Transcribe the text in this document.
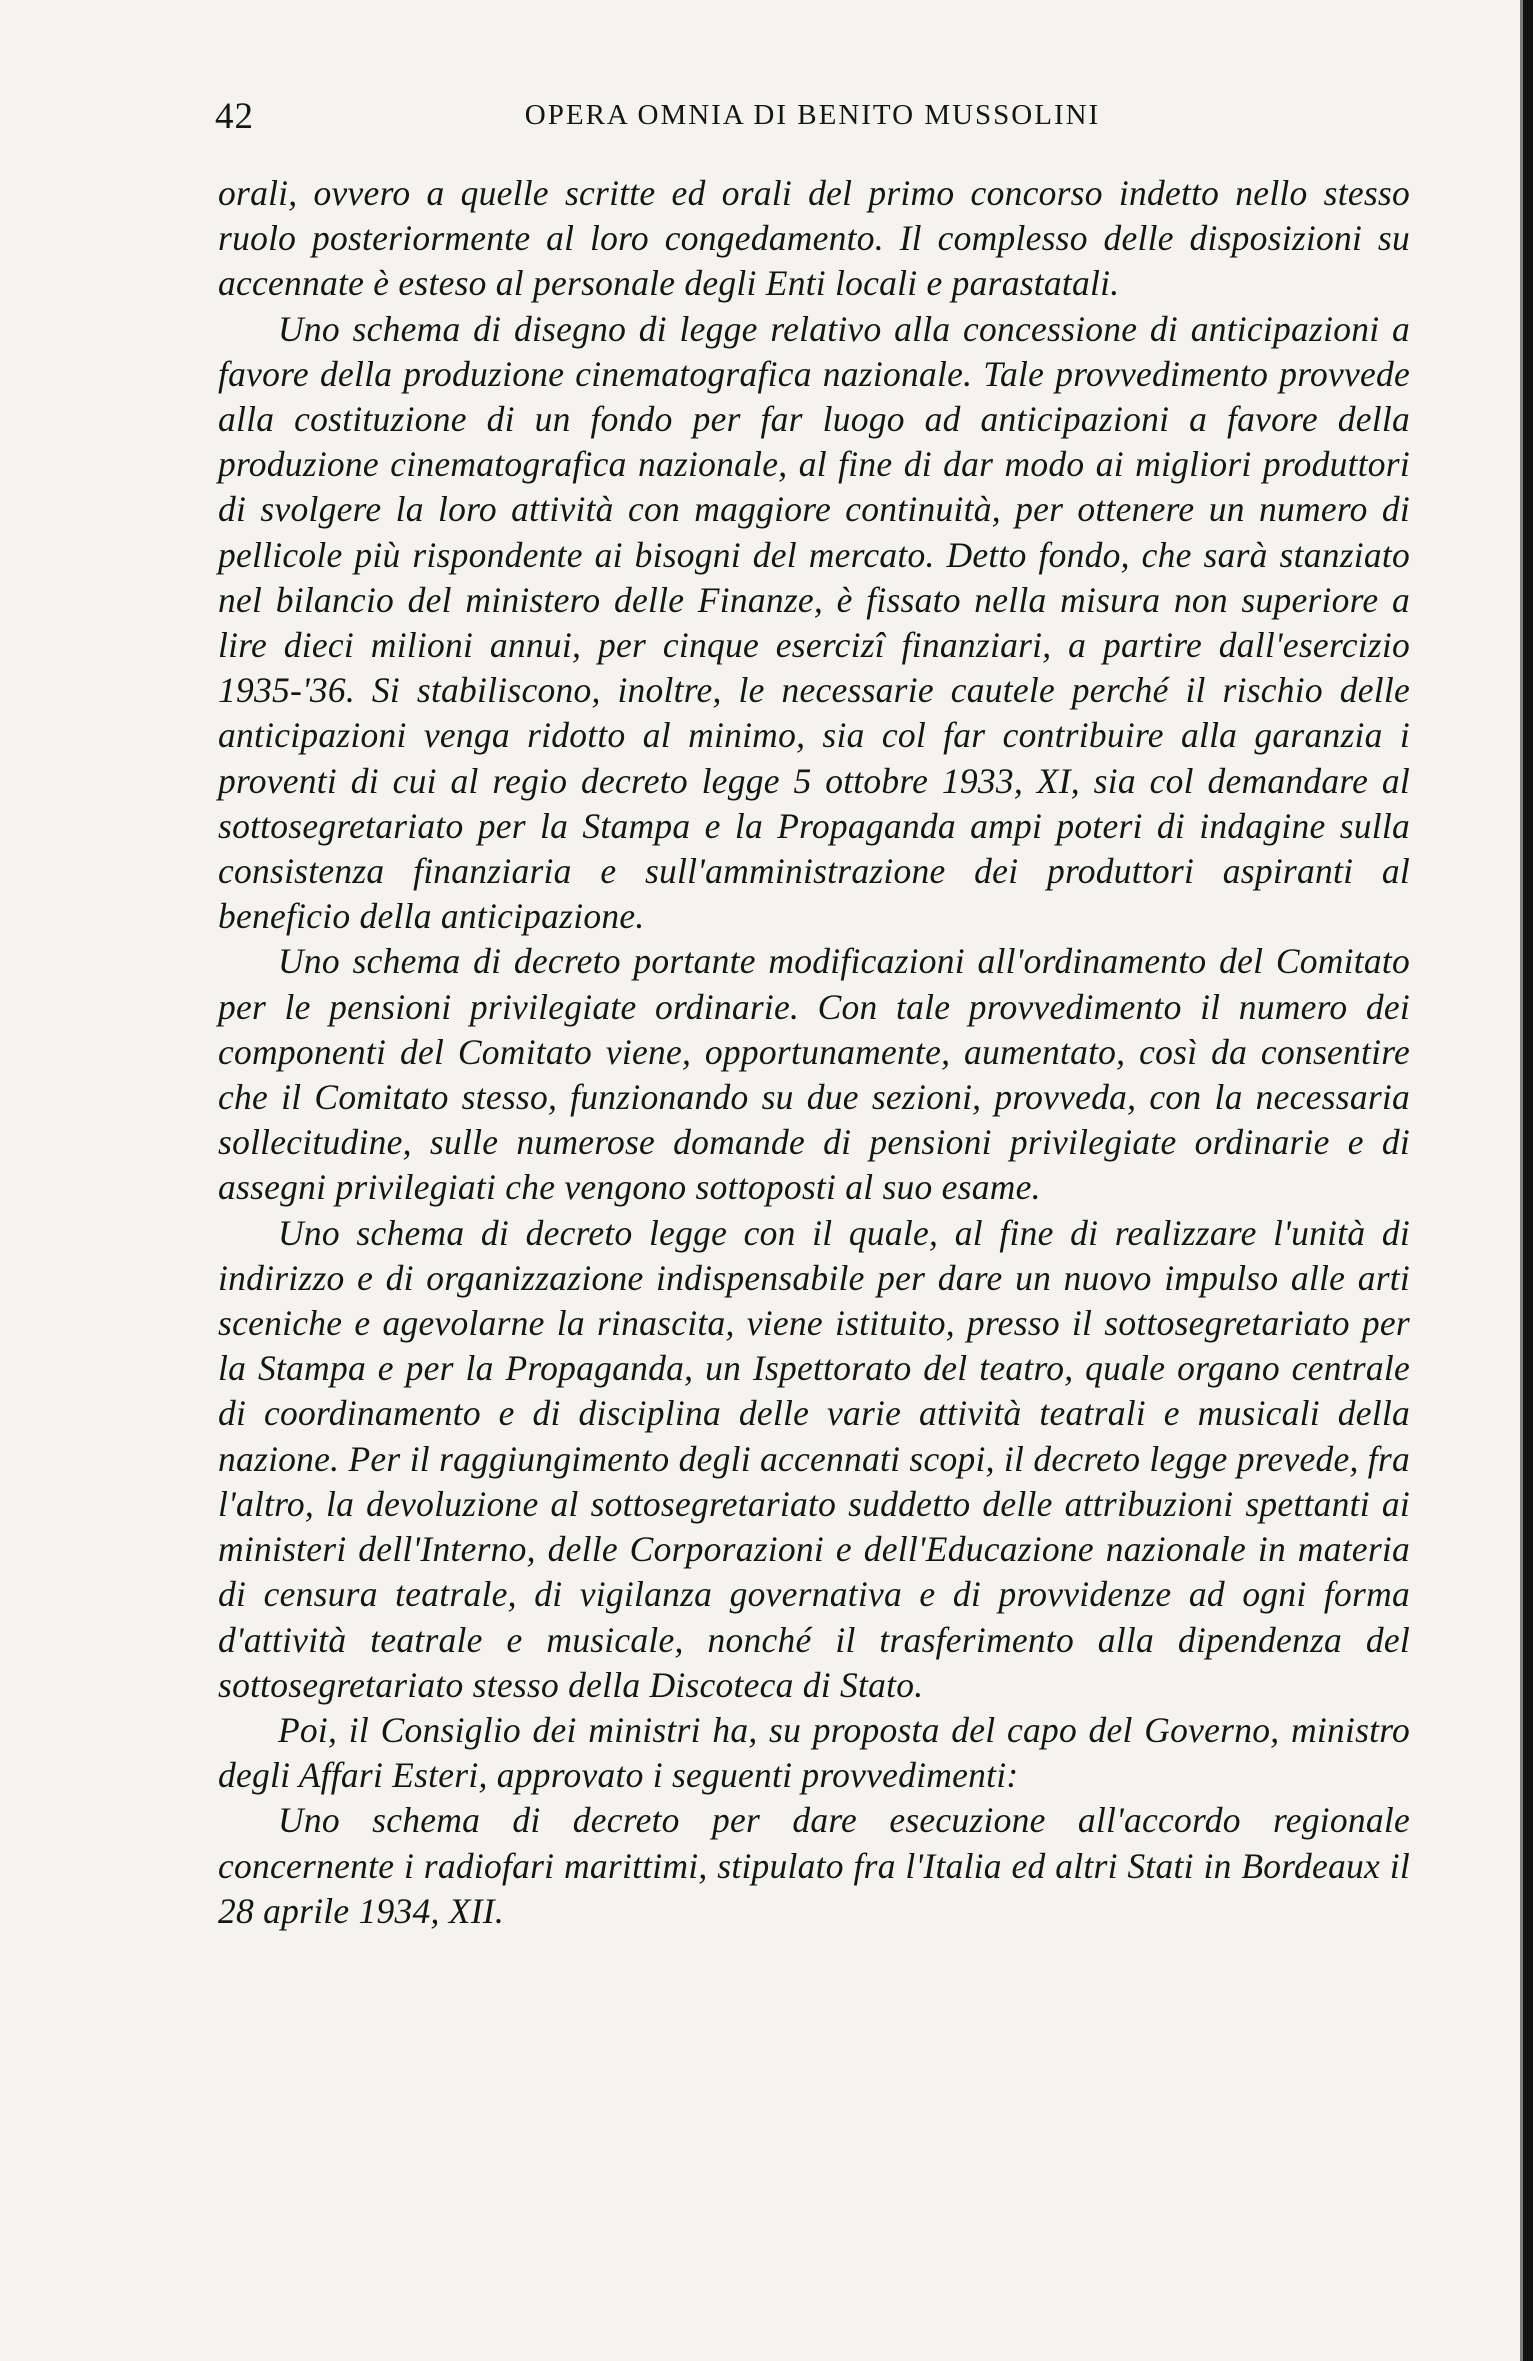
42	OPERA OMNIA DI BENITO MUSSOLINI

orali, ovvero a quelle scritte ed orali del primo concorso indetto nello stesso ruolo posteriormente al loro congedamento. Il complesso delle disposizioni su accennate è esteso al personale degli Enti locali e parastatali.

Uno schema di disegno di legge relativo alla concessione di anticipazioni a favore della produzione cinematografica nazionale. Tale provvedimento provvede alla costituzione di un fondo per far luogo ad anticipazioni a favore della produzione cinematografica nazionale, al fine di dar modo ai migliori produttori di svolgere la loro attività con maggiore continuità, per ottenere un numero di pellicole più rispondente ai bisogni del mercato. Detto fondo, che sarà stanziato nel bilancio del ministero delle Finanze, è fissato nella misura non superiore a lire dieci milioni annui, per cinque esercizî finanziari, a partire dall'esercizio 1935-'36. Si stabiliscono, inoltre, le necessarie cautele perché il rischio delle anticipazioni venga ridotto al minimo, sia col far contribuire alla garanzia i proventi di cui al regio decreto legge 5 ottobre 1933, XI, sia col demandare al sottosegretariato per la Stampa e la Propaganda ampi poteri di indagine sulla consistenza finanziaria e sull'amministrazione dei produttori aspiranti al beneficio della anticipazione.

Uno schema di decreto portante modificazioni all'ordinamento del Comitato per le pensioni privilegiate ordinarie. Con tale provvedimento il numero dei componenti del Comitato viene, opportunamente, aumentato, così da consentire che il Comitato stesso, funzionando su due sezioni, provveda, con la necessaria sollecitudine, sulle numerose domande di pensioni privilegiate ordinarie e di assegni privilegiati che vengono sottoposti al suo esame.

Uno schema di decreto legge con il quale, al fine di realizzare l'unità di indirizzo e di organizzazione indispensabile per dare un nuovo impulso alle arti sceniche e agevolarne la rinascita, viene istituito, presso il sottosegretariato per la Stampa e per la Propaganda, un Ispettorato del teatro, quale organo centrale di coordinamento e di disciplina delle varie attività teatrali e musicali della nazione. Per il raggiungimento degli accennati scopi, il decreto legge prevede, fra l'altro, la devoluzione al sottosegretariato suddetto delle attribuzioni spettanti ai ministeri dell'Interno, delle Corporazioni e dell'Educazione nazionale in materia di censura teatrale, di vigilanza governativa e di provvidenze ad ogni forma d'attività teatrale e musicale, nonché il trasferimento alla dipendenza del sottosegretariato stesso della Discoteca di Stato.

Poi, il Consiglio dei ministri ha, su proposta del capo del Governo, ministro degli Affari Esteri, approvato i seguenti provvedimenti:

Uno schema di decreto per dare esecuzione all'accordo regionale concernente i radiofari marittimi, stipulato fra l'Italia ed altri Stati in Bordeaux il 28 aprile 1934, XII.
